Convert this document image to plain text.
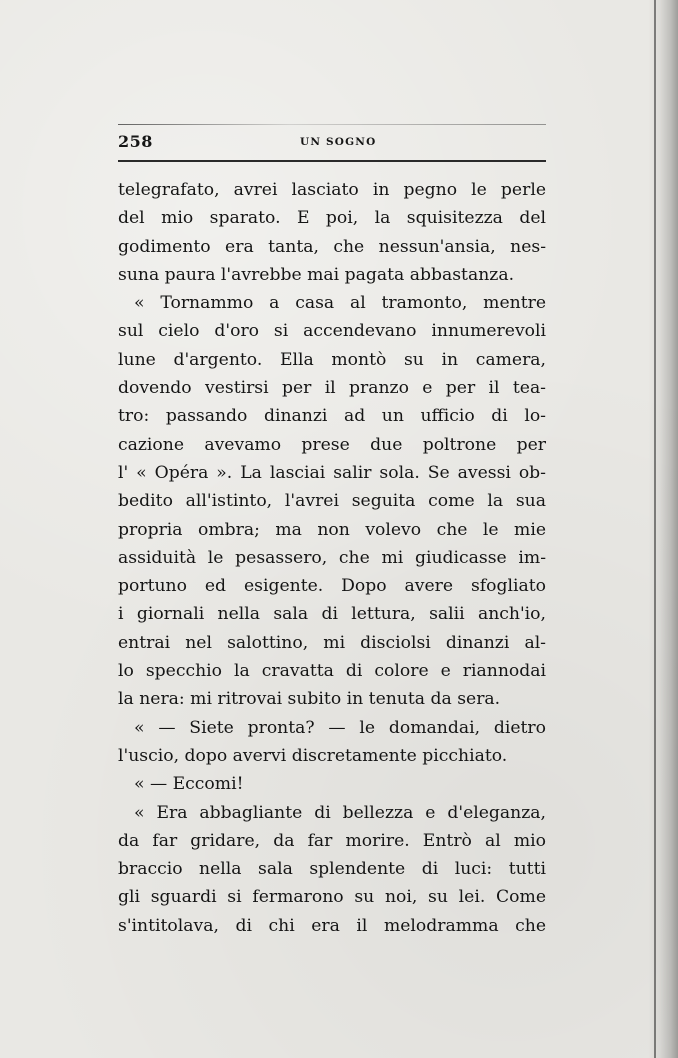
258	UN SOGNO
telegrafato, avrei lasciato in pegno le perle
del mio sparato. E poi, la squisitezza del
godimento era tanta, che nessun'ansia, nes-
suna paura l'avrebbe mai pagata abbastanza.
« Tornammo a casa al tramonto, mentre
sul cielo d'oro si accendevano innumerevoli
lune d'argento. Ella montò su in camera,
dovendo vestirsi per il pranzo e per il tea-
tro: passando dinanzi ad un ufficio di lo-
cazione avevamo prese due poltrone per
l' « Opéra ». La lasciai salir sola. Se avessi ob-
bedito all'istinto, l'avrei seguita come la sua
propria ombra; ma non volevo che le mie
assiduità le pesassero, che mi giudicasse im-
portuno ed esigente. Dopo avere sfogliato
i giornali nella sala di lettura, salii anch'io,
entrai nel salottino, mi disciolsi dinanzi al-
lo specchio la cravatta di colore e riannodai
la nera: mi ritrovai subito in tenuta da sera.
« — Siete pronta? — le domandai, dietro
l'uscio, dopo avervi discretamente picchiato.
« — Eccomi!
« Era abbagliante di bellezza e d'eleganza,
da far gridare, da far morire. Entrò al mio
braccio nella sala splendente di luci: tutti
gli sguardi si fermarono su noi, su lei. Come
s'intitolava, di chi era il melodramma che
